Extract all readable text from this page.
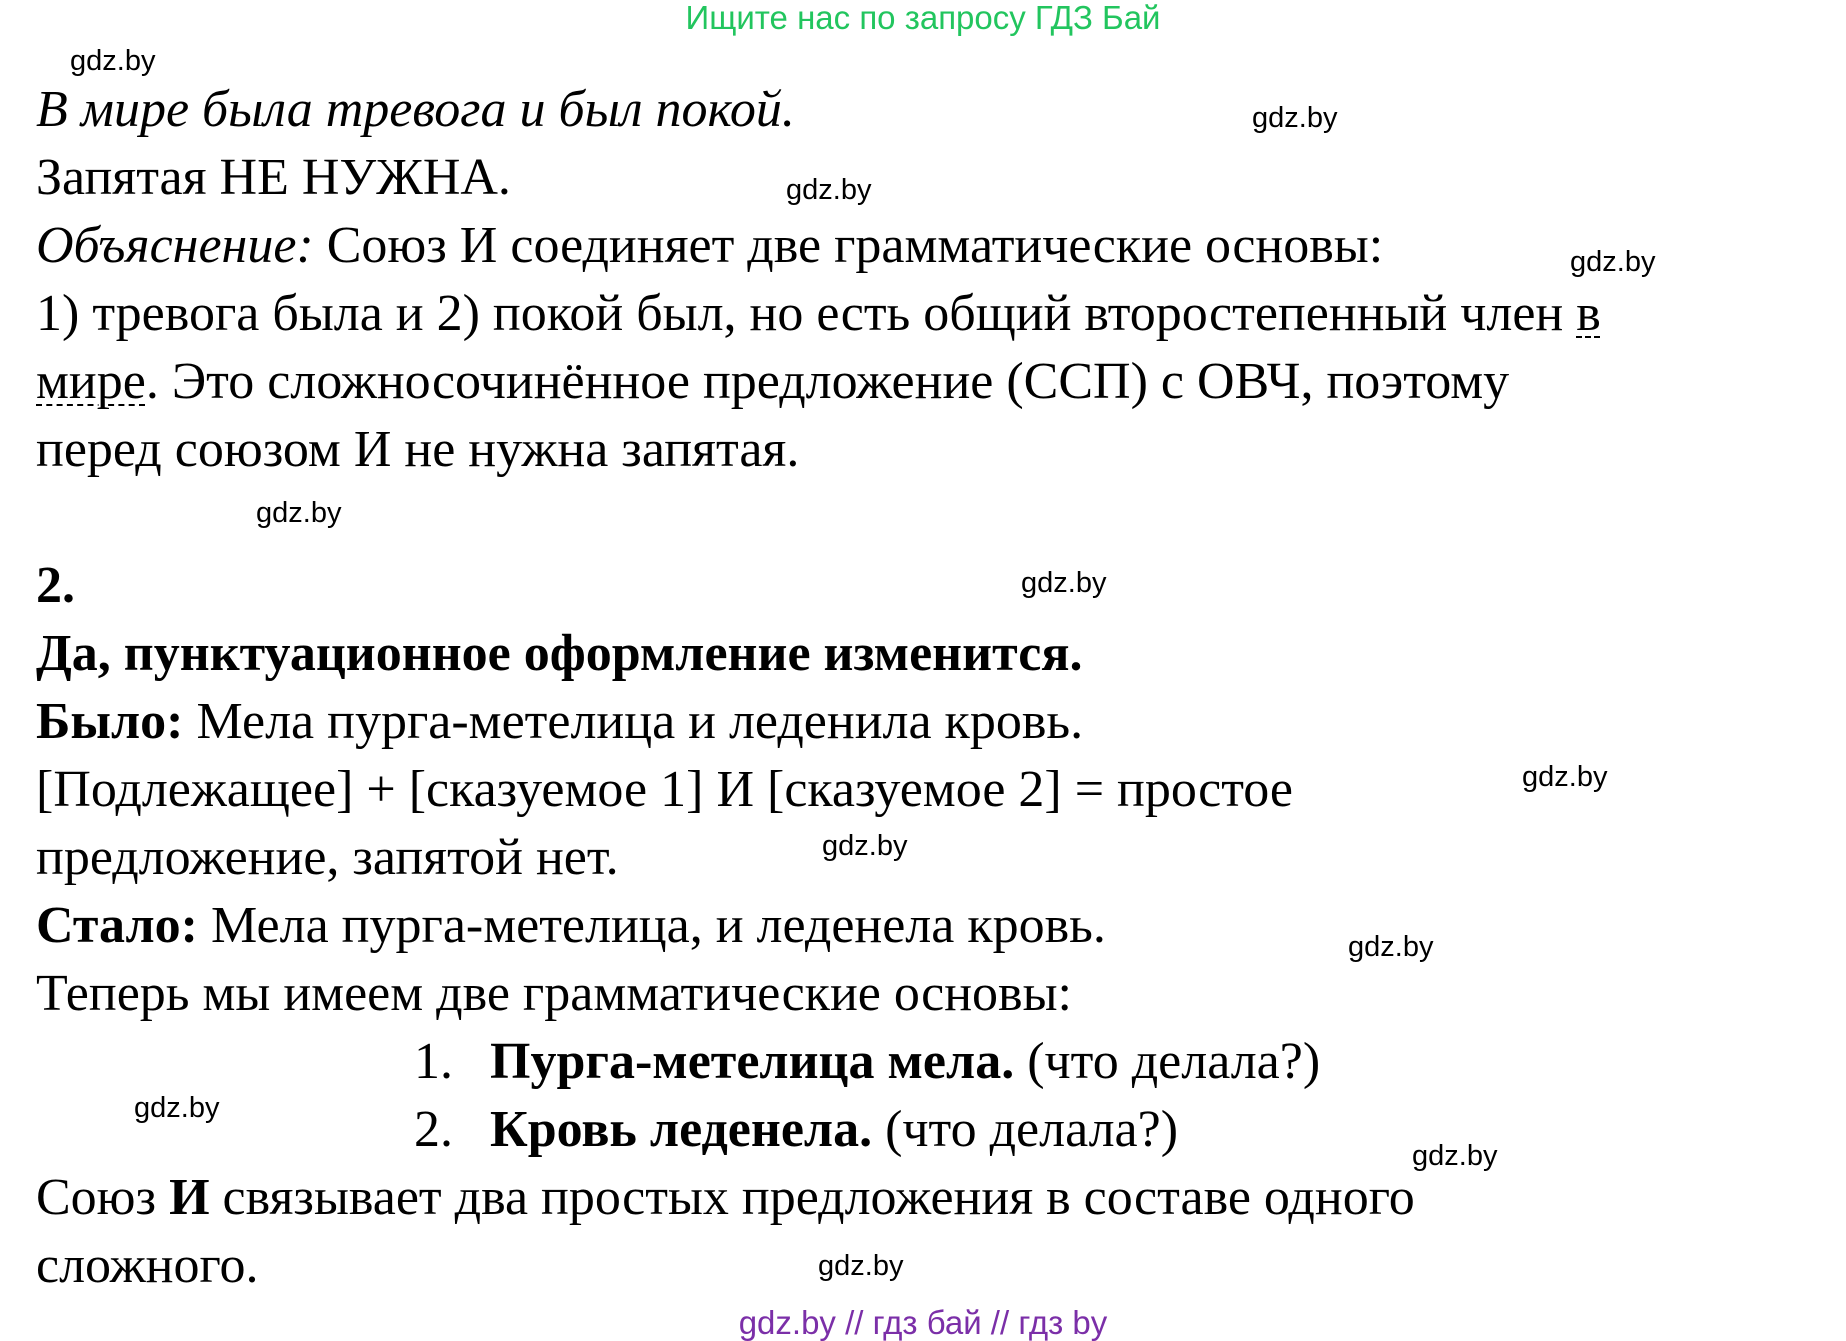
Ищите нас по запросу ГДЗ Бай
gdz.by
gdz.by
gdz.by
gdz.by
gdz.by
gdz.by
gdz.by
gdz.by
gdz.by
gdz.by
gdz.by
gdz.by
В мире была тревога и был покой.
Запятая НЕ НУЖНА.
Объяснение: Союз И соединяет две грамматические основы:
1) тревога была и 2) покой был, но есть общий второстепенный член в
мире. Это сложносочинённое предложение (ССП) с ОВЧ, поэтому
перед союзом И не нужна запятая.
2.
Да, пунктуационное оформление изменится.
Было: Мела пурга-метелица и леденила кровь.
[Подлежащее] + [сказуемое 1] И [сказуемое 2] = простое
предложение, запятой нет.
Стало: Мела пурга-метелица, и леденела кровь.
Теперь мы имеем две грамматические основы:
1. Пурга-метелица мела. (что делала?)
2. Кровь леденела. (что делала?)
Союз И связывает два простых предложения в составе одного
сложного.
gdz.by // гдз бай // гдз by
